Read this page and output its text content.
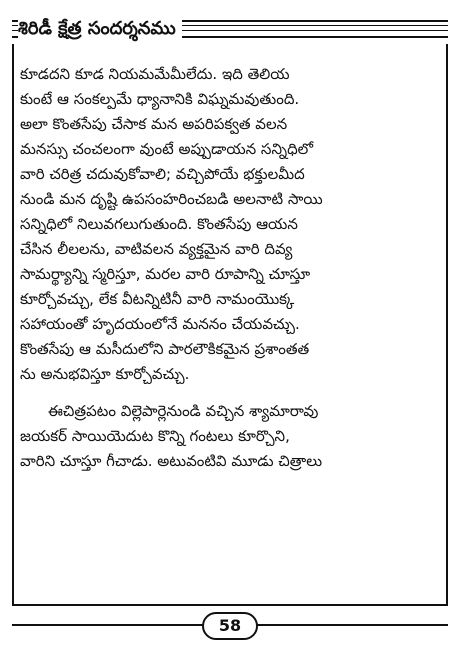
శిరిడీ క్షేత్ర సందర్శనము
కూడదని కూడ నియమమేమీలేదు. ఇది తెలియ
కుంటే ఆ సంకల్పమే ధ్యానానికి విఘ్నమవుతుంది.
అలా కొంతసేపు చేసాక మన అపరిపక్వత వలన
మనస్సు చంచలంగా వుంటే అప్పుడాయన సన్నిధిలో
వారి చరిత్ర చదువుకోవాలి; వచ్చిపోయే భక్తులమీద
నుండి మన దృష్టి ఉపసంహరించబడి అలనాటి సాయి
సన్నిధిలో నిలువగలుగుతుంది. కొంతసేపు ఆయన
చేసిన లీలలను, వాటివలన వ్యక్తమైన వారి దివ్య
సామర్థ్యాన్ని స్మరిస్తూ, మరల వారి రూపాన్ని చూస్తూ
కూర్చోవచ్చు, లేక వీటన్నిటినీ వారి నామంయొక్క
సహాయంతో హృదయంలోనే మననం చేయవచ్చు.
కొంతసేపు ఆ మసీదులోని పారలౌకికమైన ప్రశాంతత
ను అనుభవిస్తూ కూర్చోవచ్చు.
ఈచిత్రపటం విల్లెపార్లెనుండి వచ్చిన శ్యామారావు
జయకర్ సాయియెదుట కొన్ని గంటలు కూర్చొని,
వారిని చూస్తూ గీచాడు. అటువంటివి మూడు చిత్రాలు
58
